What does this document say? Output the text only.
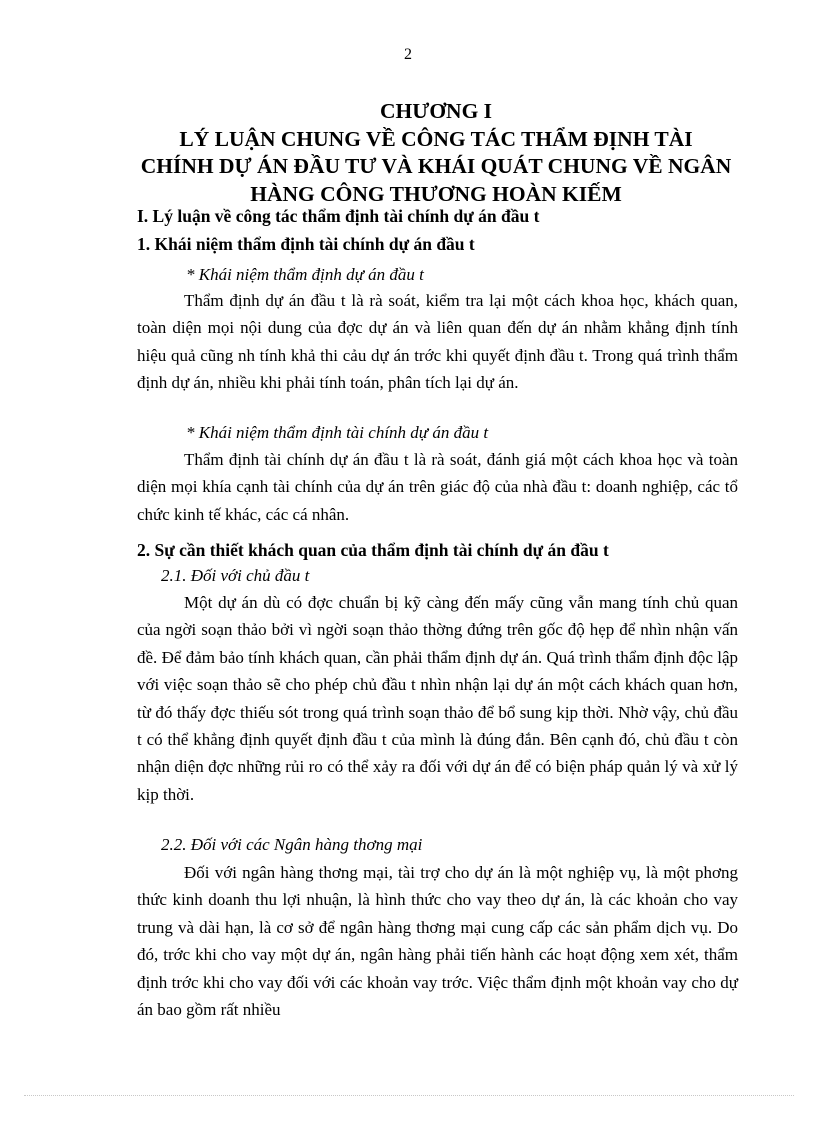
2
CHƯƠNG I
LÝ LUẬN CHUNG VỀ CÔNG TÁC THẨM ĐỊNH TÀI
CHÍNH DỰ ÁN ĐẦU TƯ VÀ KHÁI QUÁT CHUNG VỀ NGÂN
HÀNG CÔNG THƯƠNG HOÀN KIẾM
I. Lý luận về công tác thẩm định tài chính dự án đầu t
1. Khái niệm thẩm định tài chính dự án đầu t
* Khái niệm thẩm định dự án đầu t

Thẩm định dự án đầu t là rà soát, kiểm tra lại một cách khoa học, khách quan, toàn diện mọi nội dung của đợc dự án và liên quan đến dự án nhằm khẳng định tính hiệu quả cũng nh tính khả thi cảu dự án trớc khi quyết định đầu t. Trong quá trình thẩm định dự án, nhiều khi phải tính toán, phân tích lại dự án.

* Khái niệm thẩm định tài chính dự án đầu t

Thẩm định tài chính dự án đầu t là rà soát, đánh giá một cách khoa học và toàn diện mọi khía cạnh tài chính của dự án trên giác độ của nhà đầu t: doanh nghiệp, các tổ chức kinh tế khác, các cá nhân.

2. Sự cần thiết khách quan của thẩm định tài chính dự án đầu t
2.1. Đối với chủ đầu t

Một dự án dù có đợc chuẩn bị kỹ càng đến mấy cũng vẫn mang tính chủ quan của ngời soạn thảo bởi vì ngời soạn thảo thờng đứng trên gốc độ hẹp để nhìn nhận vấn đề. Để đảm bảo tính khách quan, cần phải thẩm định dự án. Quá trình thẩm định độc lập với việc soạn thảo sẽ cho phép chủ đầu t nhìn nhận lại dự án một cách khách quan hơn, từ đó thấy đợc thiếu sót trong quá trình soạn thảo để bổ sung kịp thời. Nhờ vậy, chủ đầu t có thể khẳng định quyết định đầu t của mình là đúng đắn. Bên cạnh đó, chủ đầu t còn nhận diện đợc những rủi ro có thể xảy ra đối với dự án để có biện pháp quản lý và xử lý kịp thời.

2.2. Đối với các Ngân hàng thơng mại

Đối với ngân hàng thơng mại, tài trợ cho dự án là một nghiệp vụ, là một phơng thức kinh doanh thu lợi nhuận, là hình thức cho vay theo dự án, là các khoản cho vay trung và dài hạn, là cơ sở để ngân hàng thơng mại cung cấp các sản phẩm dịch vụ. Do đó, trớc khi cho vay một dự án, ngân hàng phải tiến hành các hoạt động xem xét, thẩm định trớc khi cho vay đối với các khoản vay trớc. Việc thẩm định một khoản vay cho dự án bao gồm rất nhiều
